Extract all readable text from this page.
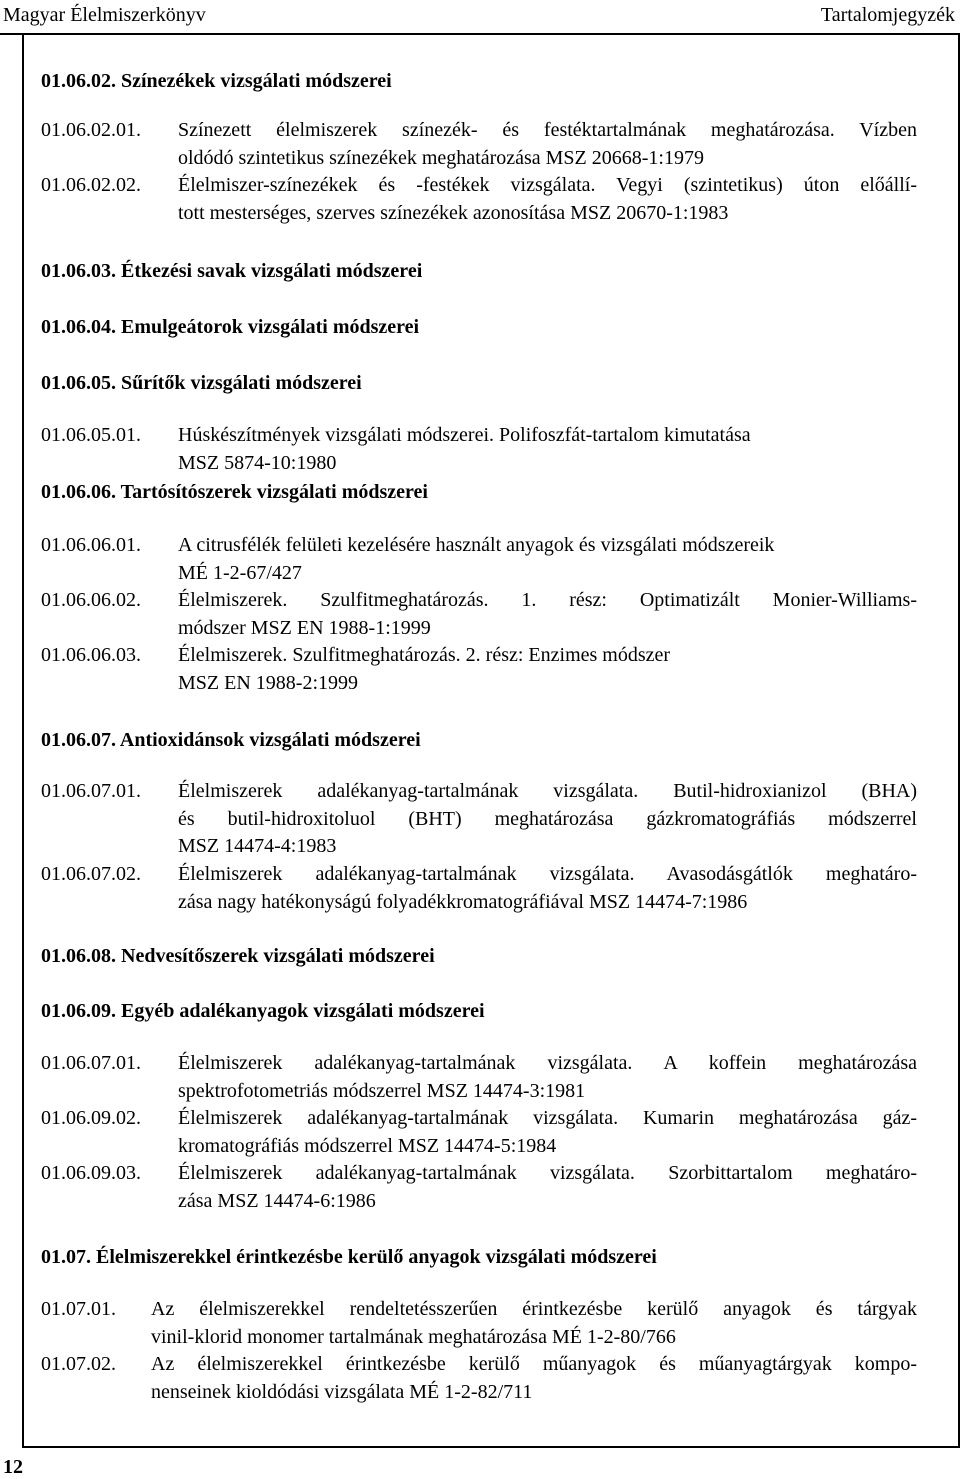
Magyar Élelmiszerkönyv	Tartalomjegyzék
12
01.06.02. Színezékek vizsgálati módszerei
01.06.02.01. Színezett élelmiszerek színezék- és festéktartalmának meghatározása. Vízben
oldódó szintetikus színezékek meghatározása MSZ 20668-1:1979
01.06.02.02. Élelmiszer-színezékek és -festékek vizsgálata. Vegyi (szintetikus) úton előállí-
tott mesterséges, szerves színezékek azonosítása MSZ 20670-1:1983
01.06.03. Étkezési savak vizsgálati módszerei
01.06.04. Emulgeátorok vizsgálati módszerei
01.06.05. Sűrítők vizsgálati módszerei
01.06.05.01. Húskészítmények vizsgálati módszerei. Polifoszfát-tartalom kimutatása
MSZ 5874-10:1980
01.06.06. Tartósítószerek vizsgálati módszerei
01.06.06.01. A citrusfélék felületi kezelésére használt anyagok és vizsgálati módszereik
MÉ 1-2-67/427
01.06.06.02. Élelmiszerek. Szulfitmeghatározás. 1. rész: Optimatizált Monier-Williams-
módszer MSZ EN 1988-1:1999
01.06.06.03. Élelmiszerek. Szulfitmeghatározás. 2. rész: Enzimes módszer
MSZ EN 1988-2:1999
01.06.07. Antioxidánsok vizsgálati módszerei
01.06.07.01. Élelmiszerek adalékanyag-tartalmának vizsgálata. Butil-hidroxianizol (BHA)
és butil-hidroxitoluol (BHT) meghatározása gázkromatográfiás módszerrel
MSZ 14474-4:1983
01.06.07.02. Élelmiszerek adalékanyag-tartalmának vizsgálata. Avasodásgátlók meghatáro-
zása nagy hatékonyságú folyadékkromatográfiával MSZ 14474-7:1986
01.06.08. Nedvesítőszerek vizsgálati módszerei
01.06.09. Egyéb adalékanyagok vizsgálati módszerei
01.06.07.01. Élelmiszerek adalékanyag-tartalmának vizsgálata. A koffein meghatározása
spektrofotometriás módszerrel MSZ 14474-3:1981
01.06.09.02. Élelmiszerek adalékanyag-tartalmának vizsgálata. Kumarin meghatározása gáz-
kromatográfiás módszerrel MSZ 14474-5:1984
01.06.09.03. Élelmiszerek adalékanyag-tartalmának vizsgálata. Szorbittartalom meghatáro-
zása MSZ 14474-6:1986
01.07. Élelmiszerekkel érintkezésbe kerülő anyagok vizsgálati módszerei
01.07.01. Az élelmiszerekkel rendeltetésszerűen érintkezésbe kerülő anyagok és tárgyak
vinil-klorid monomer tartalmának meghatározása MÉ 1-2-80/766
01.07.02. Az élelmiszerekkel érintkezésbe kerülő műanyagok és műanyagtárgyak kompo-
nenseinek kioldódási vizsgálata MÉ 1-2-82/711
